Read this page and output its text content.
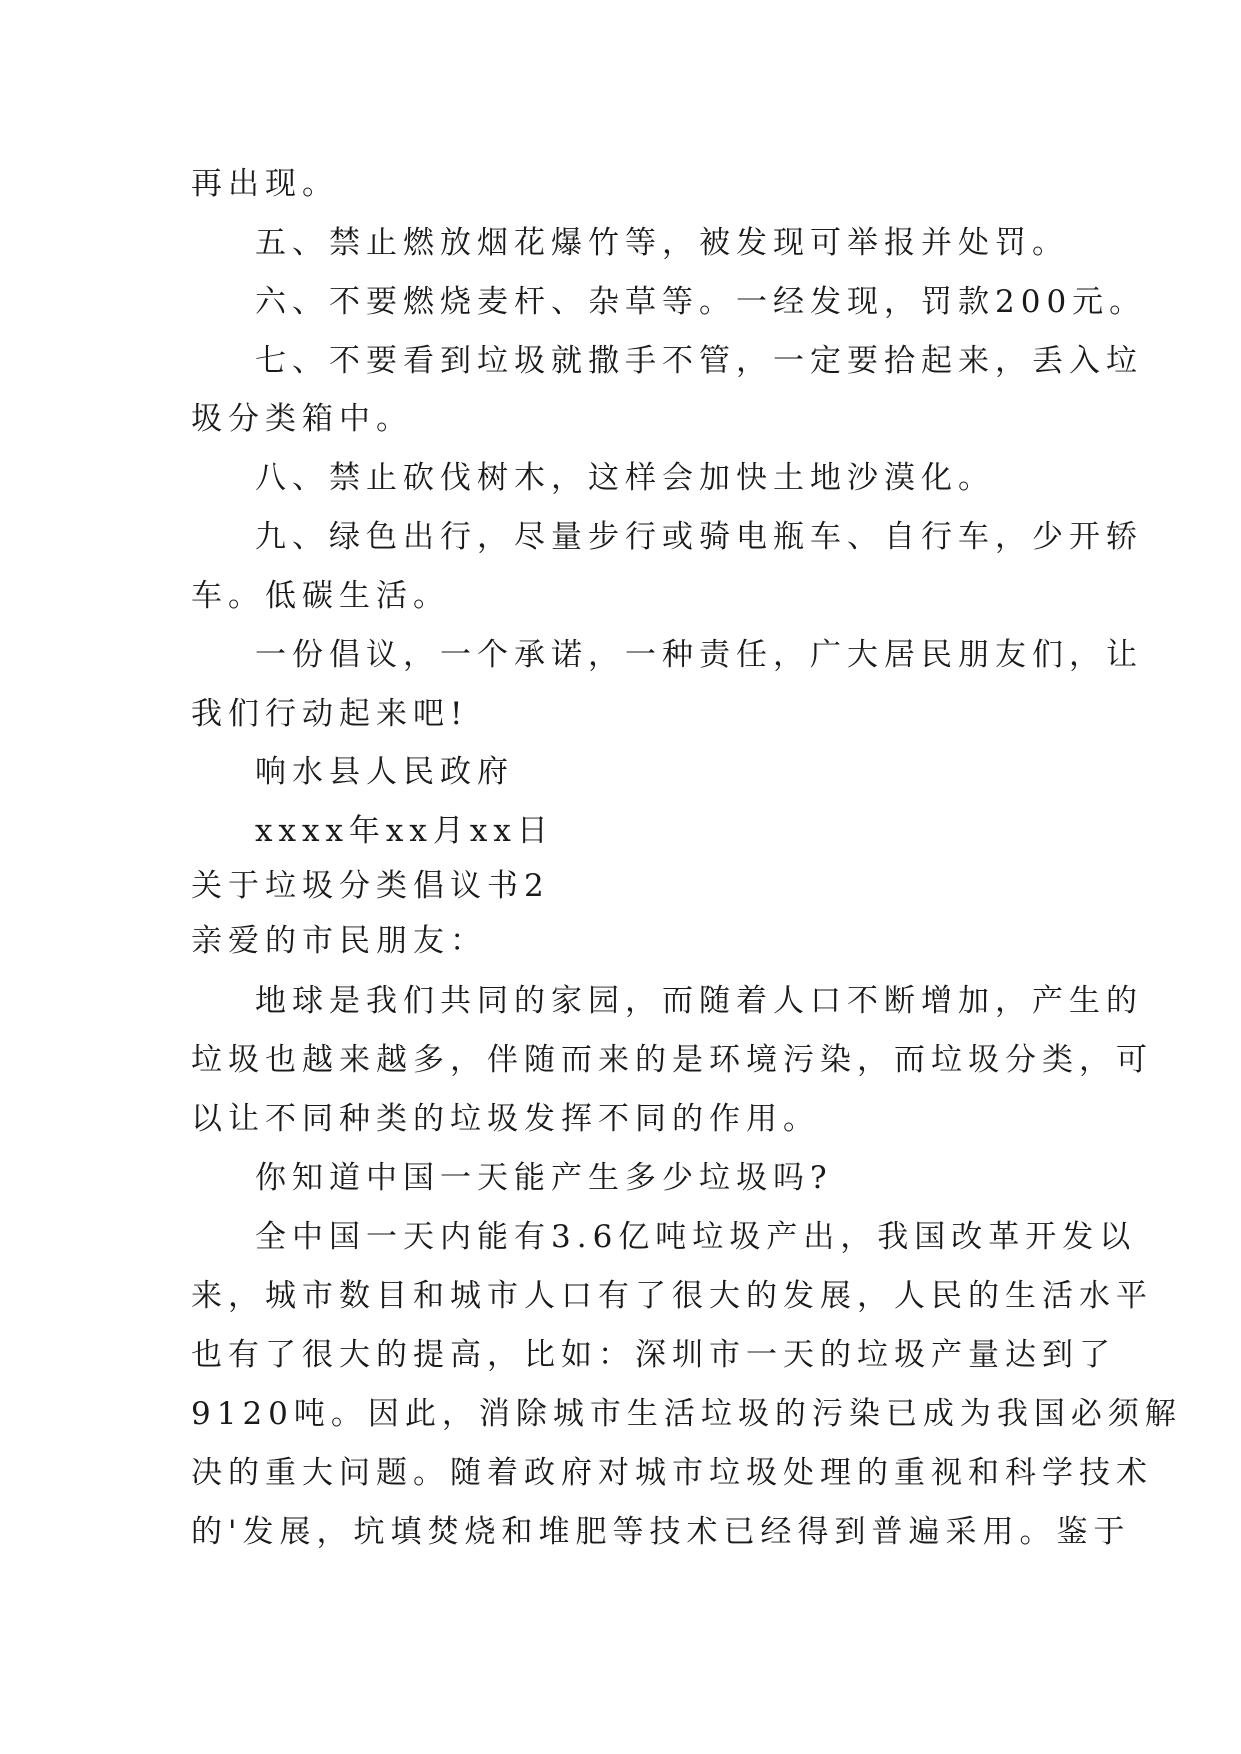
再出现。
五、禁止燃放烟花爆竹等，被发现可举报并处罚。
六、不要燃烧麦杆、杂草等。一经发现，罚款200元。
七、不要看到垃圾就撒手不管，一定要拾起来，丢入垃
圾分类箱中。
八、禁止砍伐树木，这样会加快土地沙漠化。
九、绿色出行，尽量步行或骑电瓶车、自行车，少开轿
车。低碳生活。
一份倡议，一个承诺，一种责任，广大居民朋友们，让
我们行动起来吧!
响水县人民政府
xxxx年xx月xx日
关于垃圾分类倡议书2
亲爱的市民朋友：
地球是我们共同的家园，而随着人口不断增加，产生的
垃圾也越来越多，伴随而来的是环境污染，而垃圾分类，可
以让不同种类的垃圾发挥不同的作用。
你知道中国一天能产生多少垃圾吗?
全中国一天内能有3.6亿吨垃圾产出，我国改革开发以
来，城市数目和城市人口有了很大的发展，人民的生活水平
也有了很大的提高，比如：深圳市一天的垃圾产量达到了
9120吨。因此，消除城市生活垃圾的污染已成为我国必须解
决的重大问题。随着政府对城市垃圾处理的重视和科学技术
的'发展，坑填焚烧和堆肥等技术已经得到普遍采用。鉴于
